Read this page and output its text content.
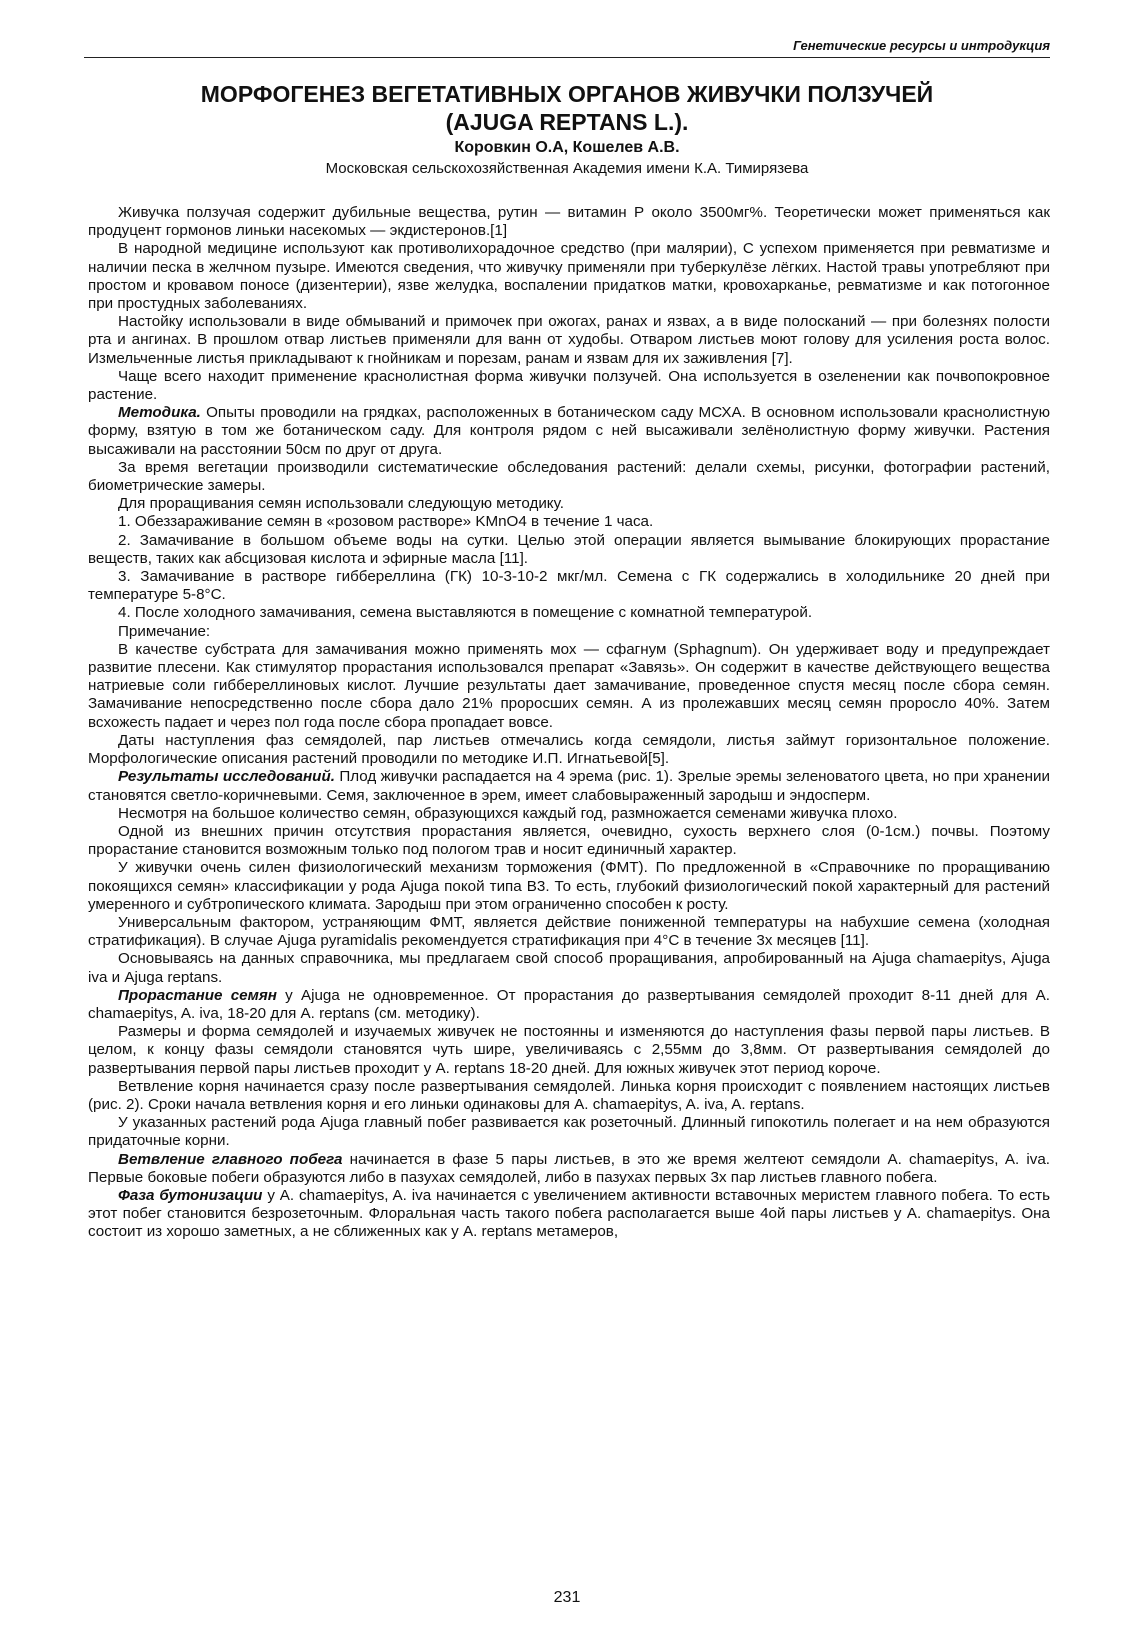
Генетические ресурсы и интродукция
МОРФОГЕНЕЗ ВЕГЕТАТИВНЫХ ОРГАНОВ ЖИВУЧКИ ПОЛЗУЧЕЙ
(AJUGA REPTANS L.).
Коровкин О.А, Кошелев А.В.
Московская сельскохозяйственная Академия имени К.А. Тимирязева

Живучка ползучая содержит дубильные вещества, рутин — витамин Р около 3500мг%. Теоретически может применяться как продуцент гормонов линьки насекомых — экдистеронов.[1]

В народной медицине используют как противолихорадочное средство (при малярии), С успехом применяется при ревматизме и наличии песка в желчном пузыре. Имеются сведения, что живучку применяли при туберкулёзе лёгких. Настой травы употребляют при простом и кровавом поносе (дизентерии), язве желудка, воспалении придатков матки, кровохарканье, ревматизме и как потогонное при простудных заболеваниях.

Настойку использовали в виде обмываний и примочек при ожогах, ранах и язвах, а в виде полосканий — при болезнях полости рта и ангинах. В прошлом отвар листьев применяли для ванн от худобы. Отваром листьев моют голову для усиления роста волос. Измельченные листья прикладывают к гнойникам и порезам, ранам и язвам для их заживления [7].

Чаще всего находит применение краснолистная форма живучки ползучей. Она используется в озеленении как почвопокровное растение.

Методика. Опыты проводили на грядках, расположенных в ботаническом саду МСХА. В основном использовали краснолистную форму, взятую в том же ботаническом саду. Для контроля рядом с ней высаживали зелёнолистную форму живучки. Растения высаживали на расстоянии 50см по друг от друга.

За время вегетации производили систематические обследования растений: делали схемы, рисунки, фотографии растений, биометрические замеры.

Для проращивания семян использовали следующую методику.

1. Обеззараживание семян в «розовом растворе» KMnO4 в течение 1 часа.

2. Замачивание в большом объеме воды на сутки. Целью этой операции является вымывание блокирующих прорастание веществ, таких как абсцизовая кислота и эфирные масла [11].

3. Замачивание в растворе гиббереллина (ГК) 10-3-10-2 мкг/мл. Семена с ГК содержались в холодильнике 20 дней при температуре 5-8°С.

4. После холодного замачивания, семена выставляются в помещение с комнатной температурой.

Примечание:

В качестве субстрата для замачивания можно применять мох — сфагнум (Sphagnum). Он удерживает воду и предупреждает развитие плесени. Как стимулятор прорастания использовался препарат «Завязь». Он содержит в качестве действующего вещества натриевые соли гиббереллиновых кислот. Лучшие результаты дает замачивание, проведенное спустя месяц после сбора семян. Замачивание непосредственно после сбора дало 21% проросших семян. А из пролежавших месяц семян проросло 40%. Затем всхожесть падает и через пол года после сбора пропадает вовсе.

Даты наступления фаз семядолей, пар листьев отмечались когда семядоли, листья займут горизонтальное положение. Морфологические описания растений проводили по методике И.П. Игнатьевой[5].

Результаты исследований. Плод живучки распадается на 4 эрема (рис. 1). Зрелые эремы зеленоватого цвета, но при хранении становятся светло-коричневыми. Семя, заключенное в эрем, имеет слабовыраженный зародыш и эндосперм.

Несмотря на большое количество семян, образующихся каждый год, размножается семенами живучка плохо.

Одной из внешних причин отсутствия прорастания является, очевидно, сухость верхнего слоя (0-1см.) почвы. Поэтому прорастание становится возможным только под пологом трав и носит единичный характер.

У живучки очень силен физиологический механизм торможения (ФМТ). По предложенной в «Справочнике по проращиванию покоящихся семян» классификации у рода Ajuga покой типа В3. То есть, глубокий физиологический покой характерный для растений умеренного и субтропического климата. Зародыш при этом ограниченно способен к росту.

Универсальным фактором, устраняющим ФМТ, является действие пониженной температуры на набухшие семена (холодная стратификация). В случае Ajuga pyramidalis рекомендуется стратификация при 4°С в течение 3х месяцев [11].

Основываясь на данных справочника, мы предлагаем свой способ проращивания, апробированный на Ajuga chamaepitys, Ajuga iva и Ajuga reptans.

Прорастание семян у Ajuga не одновременное. От прорастания до развертывания семядолей проходит 8-11 дней для A. chamaepitys, A. iva, 18-20 для A. reptans (см. методику).

Размеры и форма семядолей и изучаемых живучек не постоянны и изменяются до наступления фазы первой пары листьев. В целом, к концу фазы семядоли становятся чуть шире, увеличиваясь с 2,55мм до 3,8мм. От развертывания семядолей до развертывания первой пары листьев проходит у A. reptans 18-20 дней. Для южных живучек этот период короче.

Ветвление корня начинается сразу после развертывания семядолей. Линька корня происходит с появлением настоящих листьев (рис. 2). Сроки начала ветвления корня и его линьки одинаковы для A. chamaepitys, A. iva, A. reptans.

У указанных растений рода Ajuga главный побег развивается как розеточный. Длинный гипокотиль полегает и на нем образуются придаточные корни.

Ветвление главного побега начинается в фазе 5 пары листьев, в это же время желтеют семядоли A. chamaepitys, A. iva. Первые боковые побеги образуются либо в пазухах семядолей, либо в пазухах первых 3х пар листьев главного побега.

Фаза бутонизации у A. chamaepitys, A. iva начинается с увеличением активности вставочных меристем главного побега. То есть этот побег становится безрозеточным. Флоральная часть такого побега располагается выше 4ой пары листьев у A. chamaepitys. Она состоит из хорошо заметных, а не сближенных как у A. reptans метамеров,

231
